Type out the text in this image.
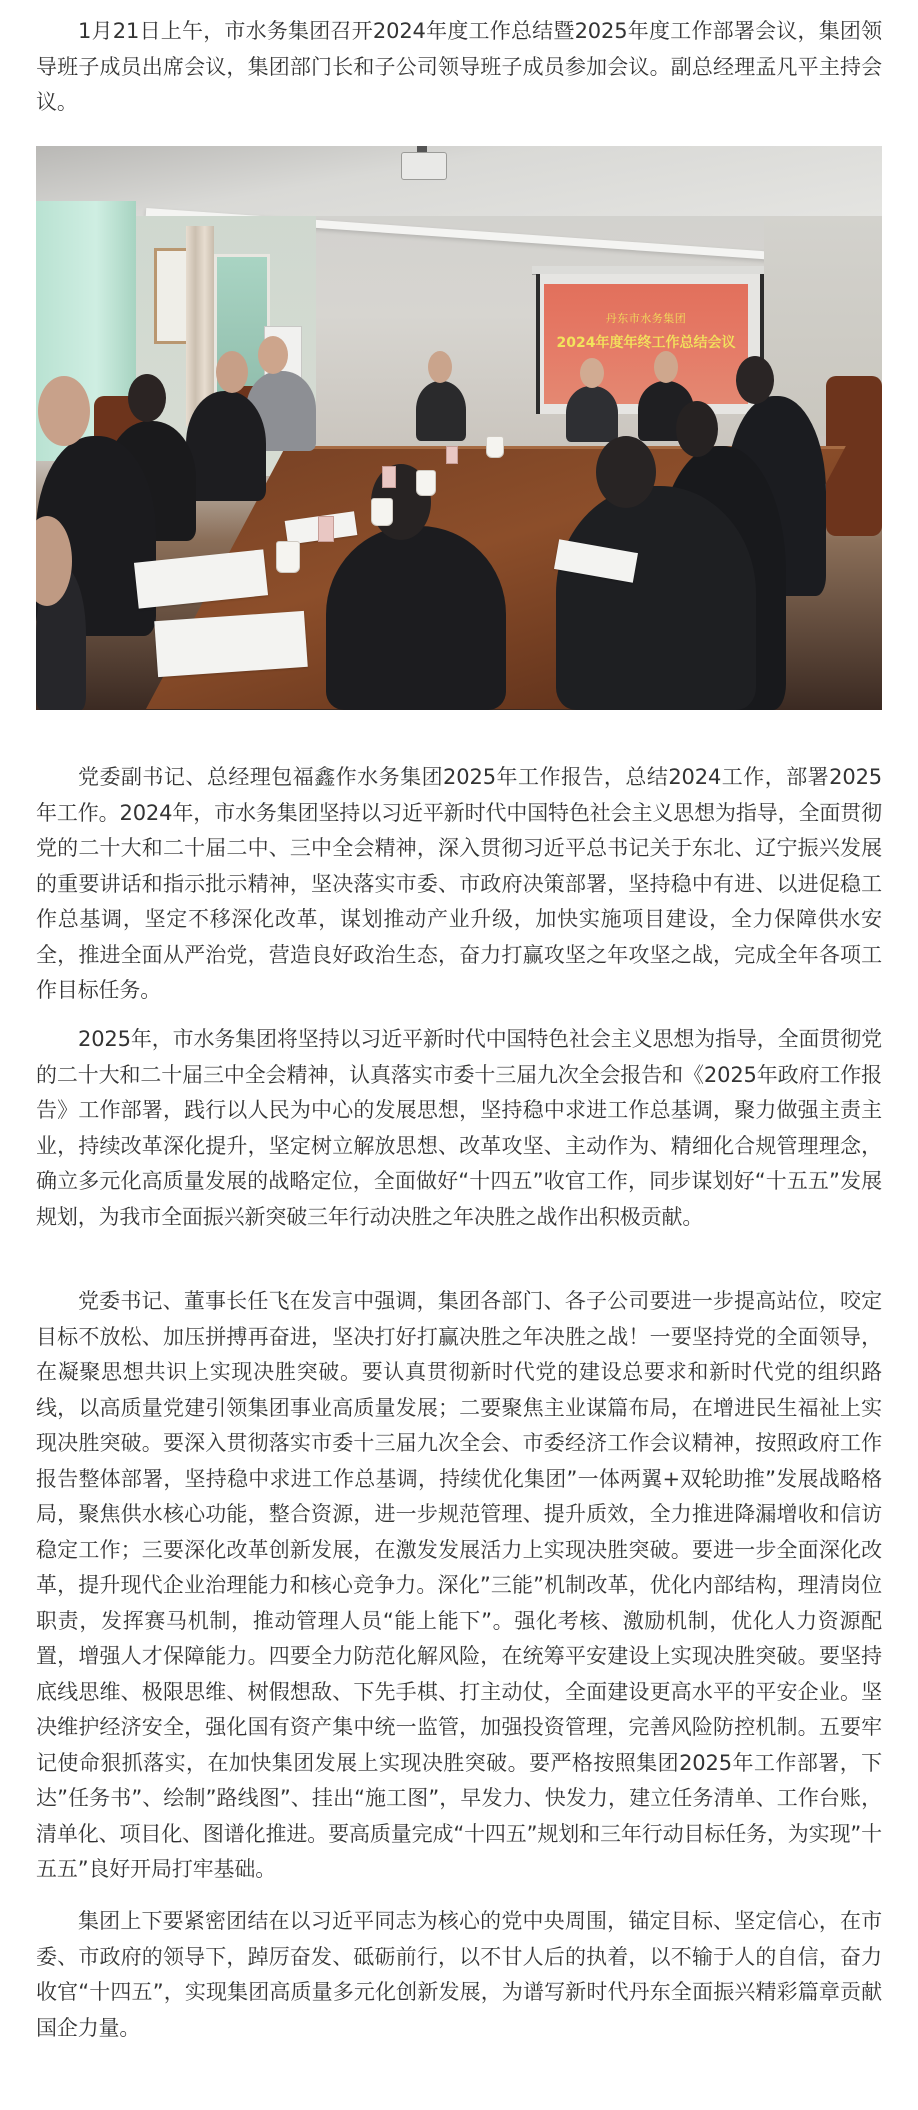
1月21日上午，市水务集团召开2024年度工作总结暨2025年度工作部署会议，集团领导班子成员出席会议，集团部门长和子公司领导班子成员参加会议。副总经理孟凡平主持会议。

丹东市水务集团
2024年度年终工作总结会议

党委副书记、总经理包福鑫作水务集团2025年工作报告，总结2024工作，部署2025年工作。2024年，市水务集团坚持以习近平新时代中国特色社会主义思想为指导，全面贯彻党的二十大和二十届二中、三中全会精神，深入贯彻习近平总书记关于东北、辽宁振兴发展的重要讲话和指示批示精神，坚决落实市委、市政府决策部署，坚持稳中有进、以进促稳工作总基调，坚定不移深化改革，谋划推动产业升级，加快实施项目建设，全力保障供水安全，推进全面从严治党，营造良好政治生态，奋力打赢攻坚之年攻坚之战，完成全年各项工作目标任务。

2025年，市水务集团将坚持以习近平新时代中国特色社会主义思想为指导，全面贯彻党的二十大和二十届三中全会精神，认真落实市委十三届九次全会报告和《2025年政府工作报告》工作部署，践行以人民为中心的发展思想，坚持稳中求进工作总基调，聚力做强主责主业，持续改革深化提升，坚定树立解放思想、改革攻坚、主动作为、精细化合规管理理念，确立多元化高质量发展的战略定位，全面做好“十四五”收官工作，同步谋划好“十五五”发展规划，为我市全面振兴新突破三年行动决胜之年决胜之战作出积极贡献。

党委书记、董事长任飞在发言中强调，集团各部门、各子公司要进一步提高站位，咬定目标不放松、加压拼搏再奋进，坚决打好打赢决胜之年决胜之战！一要坚持党的全面领导，在凝聚思想共识上实现决胜突破。要认真贯彻新时代党的建设总要求和新时代党的组织路线，以高质量党建引领集团事业高质量发展；二要聚焦主业谋篇布局，在增进民生福祉上实现决胜突破。要深入贯彻落实市委十三届九次全会、市委经济工作会议精神，按照政府工作报告整体部署，坚持稳中求进工作总基调，持续优化集团”一体两翼+双轮助推”发展战略格局，聚焦供水核心功能，整合资源，进一步规范管理、提升质效，全力推进降漏增收和信访稳定工作；三要深化改革创新发展，在激发发展活力上实现决胜突破。要进一步全面深化改革，提升现代企业治理能力和核心竞争力。深化”三能”机制改革，优化内部结构，理清岗位职责，发挥赛马机制，推动管理人员“能上能下”。强化考核、激励机制，优化人力资源配置，增强人才保障能力。四要全力防范化解风险，在统筹平安建设上实现决胜突破。要坚持底线思维、极限思维、树假想敌、下先手棋、打主动仗，全面建设更高水平的平安企业。坚决维护经济安全，强化国有资产集中统一监管，加强投资管理，完善风险防控机制。五要牢记使命狠抓落实，在加快集团发展上实现决胜突破。要严格按照集团2025年工作部署，下达”任务书”、绘制”路线图”、挂出“施工图”，早发力、快发力，建立任务清单、工作台账，清单化、项目化、图谱化推进。要高质量完成“十四五”规划和三年行动目标任务，为实现”十五五”良好开局打牢基础。

集团上下要紧密团结在以习近平同志为核心的党中央周围，锚定目标、坚定信心，在市委、市政府的领导下，踔厉奋发、砥砺前行，以不甘人后的执着，以不输于人的自信，奋力收官“十四五”，实现集团高质量多元化创新发展，为谱写新时代丹东全面振兴精彩篇章贡献国企力量。
